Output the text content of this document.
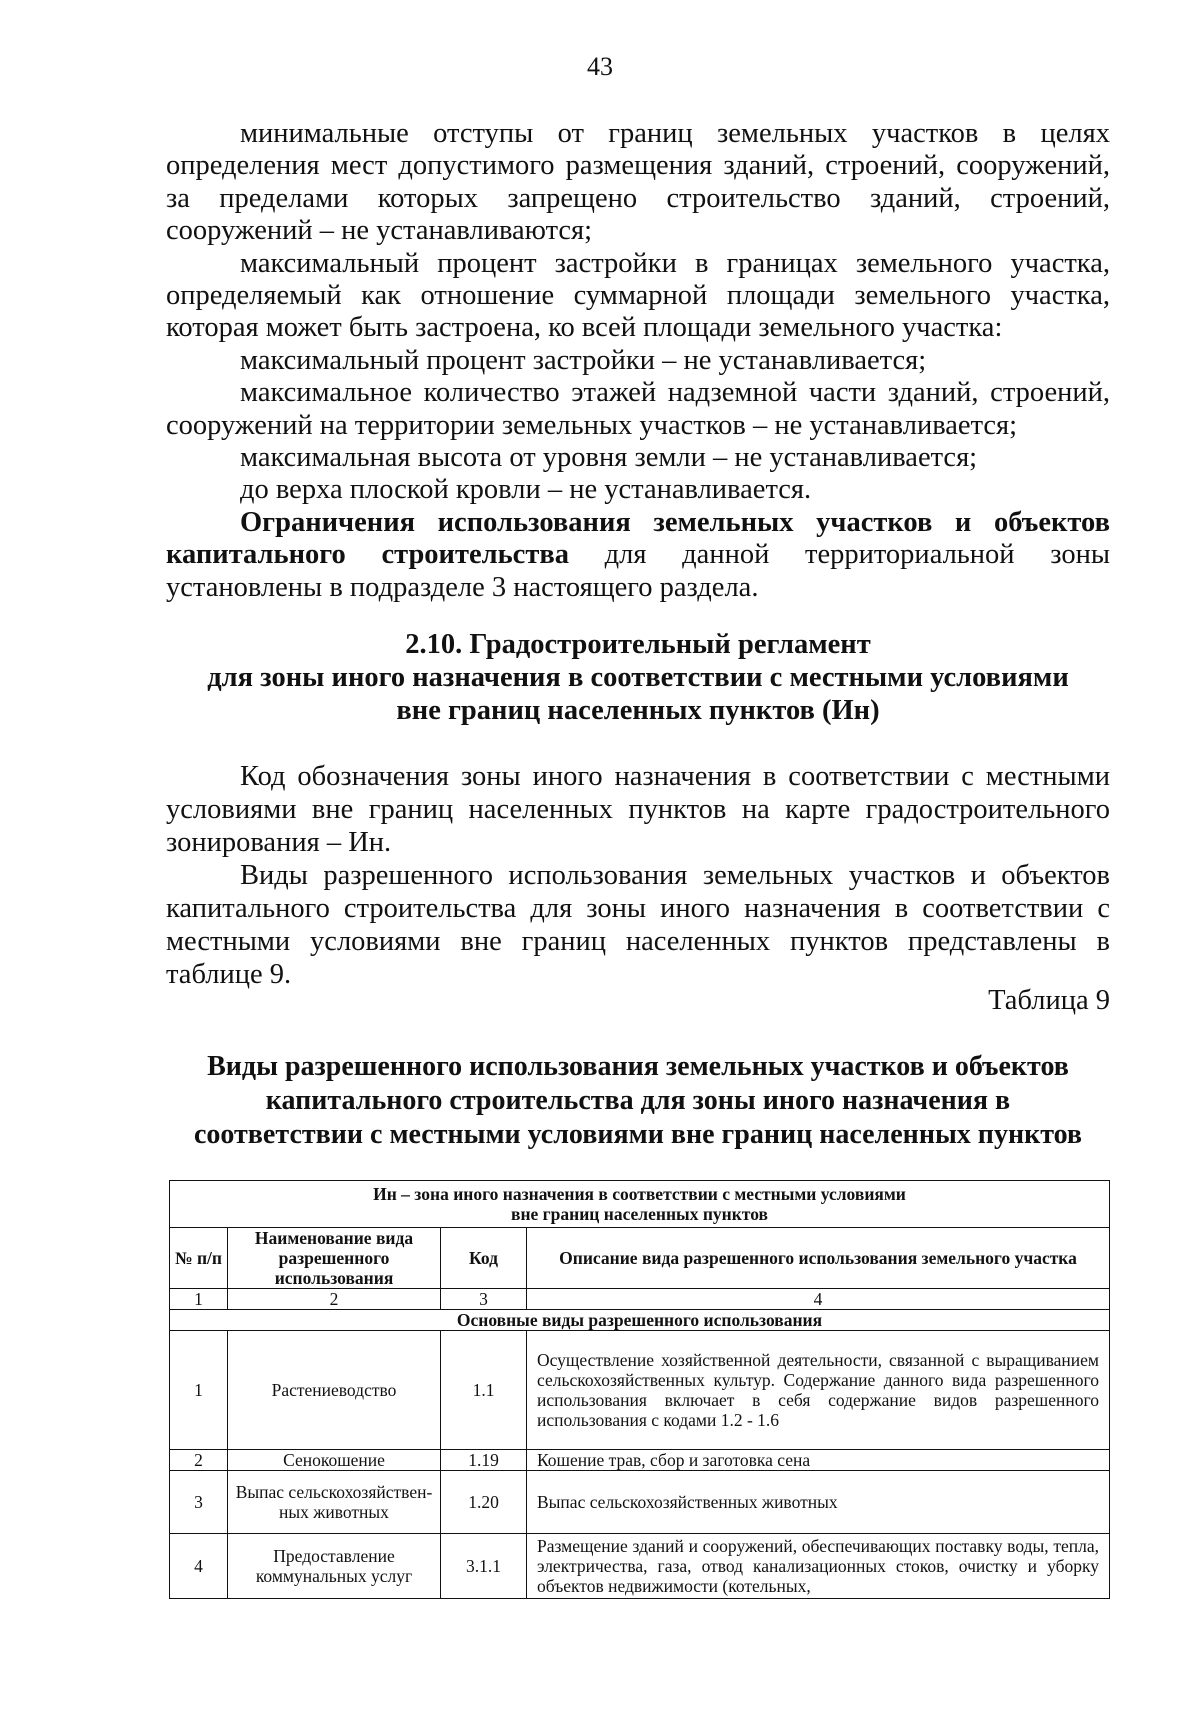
43

минимальные отступы от границ земельных участков в целях определения мест допустимого размещения зданий, строений, сооружений, за пределами которых запрещено строительство зданий, строений, сооружений – не устанавливаются;

максимальный процент застройки в границах земельного участка, определяемый как отношение суммарной площади земельного участка, которая может быть застроена, ко всей площади земельного участка:

максимальный процент застройки – не устанавливается;

максимальное количество этажей надземной части зданий, строений, сооружений на территории земельных участков – не устанавливается;

максимальная высота от уровня земли – не устанавливается;

до верха плоской кровли – не устанавливается.

Ограничения использования земельных участков и объектов капитального строительства для данной территориальной зоны установлены в подразделе 3 настоящего раздела.

2.10. Градостроительный регламент
для зоны иного назначения в соответствии с местными условиями
вне границ населенных пунктов (Ин)

Код обозначения зоны иного назначения в соответствии с местными условиями вне границ населенных пунктов на карте градостроительного зонирования – Ин.

Виды разрешенного использования земельных участков и объектов капитального строительства для зоны иного назначения в соответствии с местными условиями вне границ населенных пунктов представлены в таблице 9.

Таблица 9
Виды разрешенного использования земельных участков и объектов
капитального строительства для зоны иного назначения в
соответствии с местными условиями вне границ населенных пунктов
Ин – зона иного назначения в соответствии с местными условиями
вне границ населенных пунктов			

№ п/п	Наименование вида разрешенного использования	Код	Описание вида разрешенного использования земельного участка
1	2	3	4
Основные виды разрешенного использования			
1	Растениеводство	1.1	Осуществление хозяйственной деятельности, связанной с выращиванием сельскохозяйственных культур. Содержание данного вида разрешенного использования включает в себя содержание видов разрешенного использования с кодами 1.2 - 1.6
2	Сенокошение	1.19	Кошение трав, сбор и заготовка сена
3	Выпас сельскохозяйствен-ных животных	1.20	Выпас сельскохозяйственных животных
4	Предоставление коммунальных услуг	3.1.1	Размещение зданий и сооружений, обеспечивающих поставку воды, тепла, электричества, газа, отвод канализационных стоков, очистку и уборку объектов недвижимости (котельных,
